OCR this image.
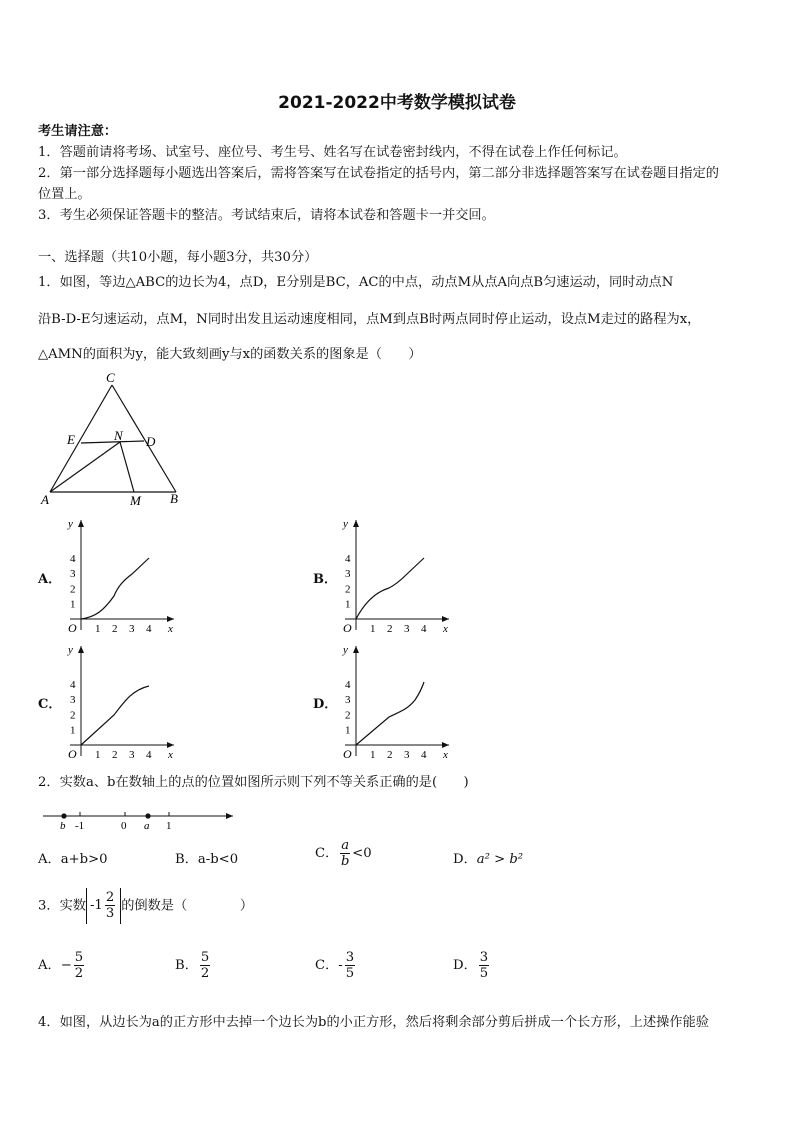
2021-2022中考数学模拟试卷
考生请注意：
1．答题前请将考场、试室号、座位号、考生号、姓名写在试卷密封线内，不得在试卷上作任何标记。
2．第一部分选择题每小题选出答案后，需将答案写在试卷指定的括号内，第二部分非选择题答案写在试卷题目指定的
位置上。
3．考生必须保证答题卡的整洁。考试结束后，请将本试卷和答题卡一并交回。
一、选择题（共10小题，每小题3分，共30分）
1．如图，等边△ABC的边长为4，点D，E分别是BC，AC的中点，动点M从点A向点B匀速运动，同时动点N
沿B-D-E匀速运动，点M，N同时出发且运动速度相同，点M到点B时两点同时停止运动，设点M走过的路程为x，
△AMN的面积为y，能大致刻画y与x的函数关系的图象是（　　）
C
E	N D
A	M B
A．	B．
C．	D．
1 2 3 4
1
2
3
4
O	x
y
1 2 3 4
1
2
3
4
O	x
y
1 2 3 4
1
2
3
4
O	x
y
1 2 3 4
1
2
3
4
O	x
y
2．实数a、b在数轴上的点的位置如图所示则下列不等关系正确的是(　　)
b -1	0 a 1
A．a+b>0	B．a-b<0	C． $\frac{a}{b} <0$	D．a² > b²
3．实数 $-1 \frac{2}{3}$ 的倒数是（　　　　）
A．− $\frac{5}{2}$	B． $\frac{5}{2}$	C．- $\frac{3}{5}$	D． $\frac{3}{5}$
4．如图，从边长为a的正方形中去掉一个边长为b的小正方形，然后将剩余部分剪后拼成一个长方形，上述操作能验
